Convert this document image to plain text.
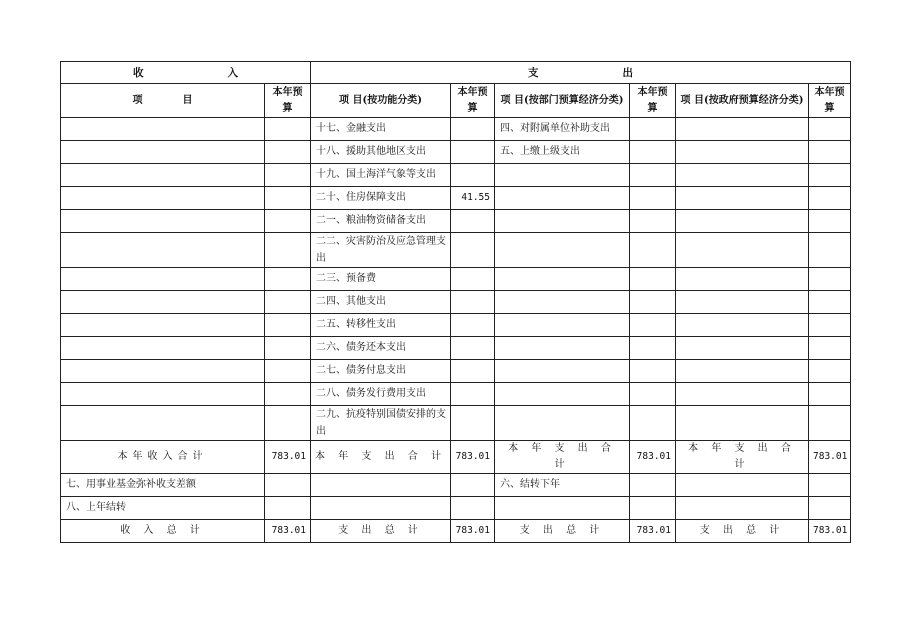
收　　　　　　　　入		支　　　　　　　　出					
项　　　　目	本年预算	项 目(按功能分类)	本年预算	项 目(按部门预算经济分类)	本年预算	项 目(按政府预算经济分类)	本年预算
		十七、金融支出		四、对附属单位补助支出			
		十八、援助其他地区支出		五、上缴上级支出			
		十九、国土海洋气象等支出					
		二十、住房保障支出	41.55				
		二一、粮油物资储备支出					
		二二、灾害防治及应急管理支出					
		二三、预备费					
		二四、其他支出					
		二五、转移性支出					
		二六、债务还本支出					
		二七、债务付息支出					
		二八、债务发行费用支出					
		二九、抗疫特别国债安排的支出					
本年收入合计	783.01	本 年 支 出 合 计	783.01	本 年 支 出 合 计	783.01	本 年 支 出 合 计	783.01
七、用事业基金弥补收支差额				六、结转下年			
八、上年结转							
收 入 总 计	783.01	支 出 总 计	783.01	支 出 总 计	783.01	支 出 总 计	783.01
